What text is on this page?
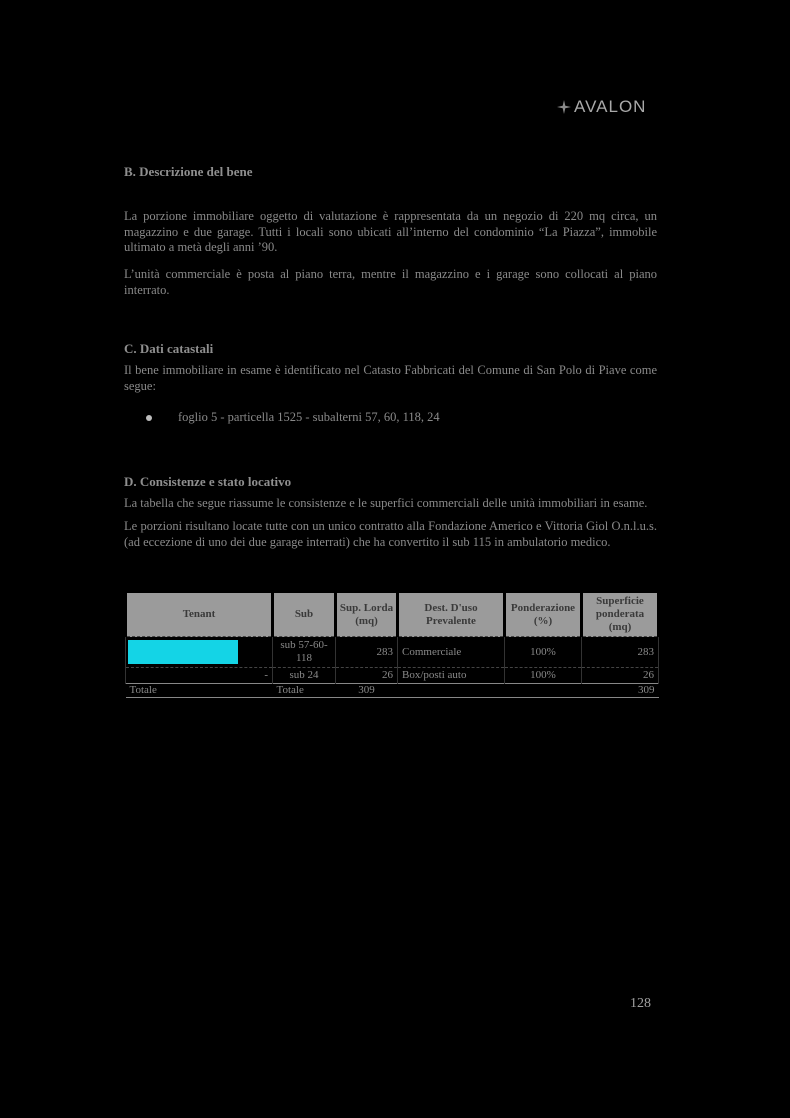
AVALON
B. Descrizione del bene
La porzione immobiliare oggetto di valutazione è rappresentata da un negozio di 220 mq circa, un magazzino e due garage. Tutti i locali sono ubicati all’interno del condominio “La Piazza”, immobile ultimato a metà degli anni ’90.
L’unità commerciale è posta al piano terra, mentre il magazzino e i garage sono collocati al piano interrato.
C. Dati catastali
Il bene immobiliare in esame è identificato nel Catasto Fabbricati del Comune di San Polo di Piave come segue:
foglio 5 - particella 1525 - subalterni 57, 60, 118, 24
D. Consistenze e stato locativo
La tabella che segue riassume le consistenze e le superfici commerciali delle unità immobiliari in esame.
Le porzioni risultano locate tutte con un unico contratto alla Fondazione Americo e Vittoria Giol O.n.l.u.s. (ad eccezione di uno dei due garage interrati) che ha convertito il sub 115 in ambulatorio medico.
Tenant	Sub	Sup. Lorda (mq)	Dest. D'uso Prevalente	Ponderazione (%)	Superficie ponderata (mq)
	sub 57-60-118	283	Commerciale	100%	283
-	sub 24	26	Box/posti auto	100%	26
Totale	Totale	309			309
128
